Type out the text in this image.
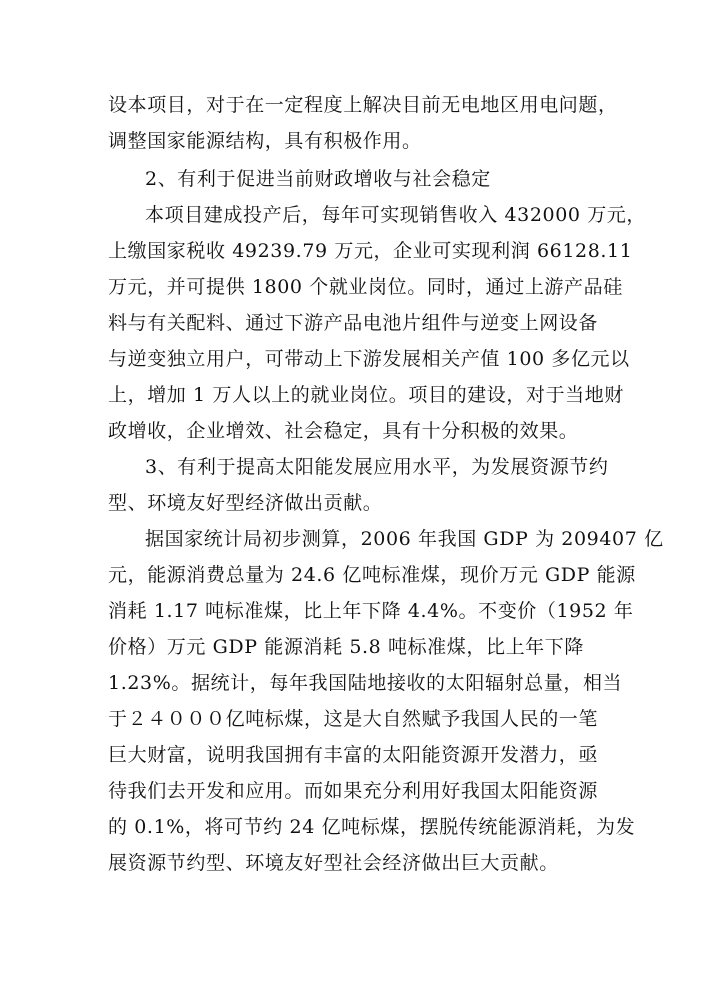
设本项目，对于在一定程度上解决目前无电地区用电问题，
调整国家能源结构，具有积极作用。
2、有利于促进当前财政增收与社会稳定
本项目建成投产后，每年可实现销售收入 432000 万元，
上缴国家税收 49239.79 万元，企业可实现利润 66128.11
万元，并可提供 1800 个就业岗位。同时，通过上游产品硅
料与有关配料、通过下游产品电池片组件与逆变上网设备
与逆变独立用户，可带动上下游发展相关产值 100 多亿元以
上，增加 1 万人以上的就业岗位。项目的建设，对于当地财
政增收，企业增效、社会稳定，具有十分积极的效果。
3、有利于提高太阳能发展应用水平，为发展资源节约
型、环境友好型经济做出贡献。
据国家统计局初步测算，2006 年我国 GDP 为 209407 亿
元，能源消费总量为 24.6 亿吨标准煤，现价万元 GDP 能源
消耗 1.17 吨标准煤，比上年下降 4.4%。不变价（1952 年
价格）万元 GDP 能源消耗 5.8 吨标准煤，比上年下降
1.23%。据统计，每年我国陆地接收的太阳辐射总量，相当
于２４０００亿吨标煤，这是大自然赋予我国人民的一笔
巨大财富，说明我国拥有丰富的太阳能资源开发潜力，亟
待我们去开发和应用。而如果充分利用好我国太阳能资源
的 0.1%，将可节约 24 亿吨标煤，摆脱传统能源消耗，为发
展资源节约型、环境友好型社会经济做出巨大贡献。
